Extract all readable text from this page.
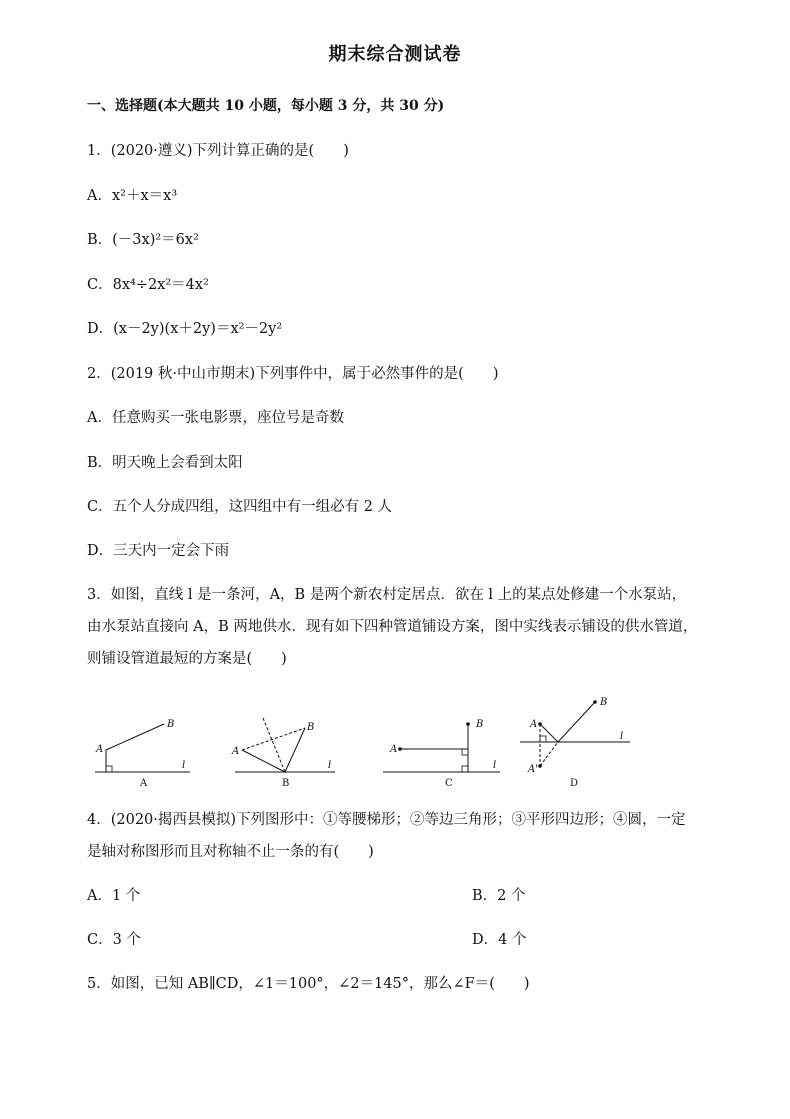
期末综合测试卷
一、选择题(本大题共 10 小题，每小题 3 分，共 30 分)
1．(2020·遵义)下列计算正确的是(　　)
A．x²＋x＝x³
B．(－3x)²＝6x²
C．8x⁴÷2x²＝4x²
D．(x－2y)(x＋2y)＝x²－2y²
2．(2019 秋·中山市期末)下列事件中，属于必然事件的是(　　)
A．任意购买一张电影票，座位号是奇数
B．明天晚上会看到太阳
C．五个人分成四组，这四组中有一组必有 2 人
D．三天内一定会下雨
3．如图，直线 l 是一条河，A，B 是两个新农村定居点．欲在 l 上的某点处修建一个水泵站，
由水泵站直接向 A，B 两地供水．现有如下四种管道铺设方案，图中实线表示铺设的供水管道，
则铺设管道最短的方案是(　　)
A
B
l
A
A
B
l
B
A
B
l
C
A
B
A'
l
D
4．(2020·揭西县模拟)下列图形中：①等腰梯形；②等边三角形；③平形四边形；④圆，一定
是轴对称图形而且对称轴不止一条的有(　　)
A．1 个	B．2 个
C．3 个	D．4 个
5．如图，已知 AB∥CD，∠1＝100°，∠2＝145°，那么∠F＝(　　)
